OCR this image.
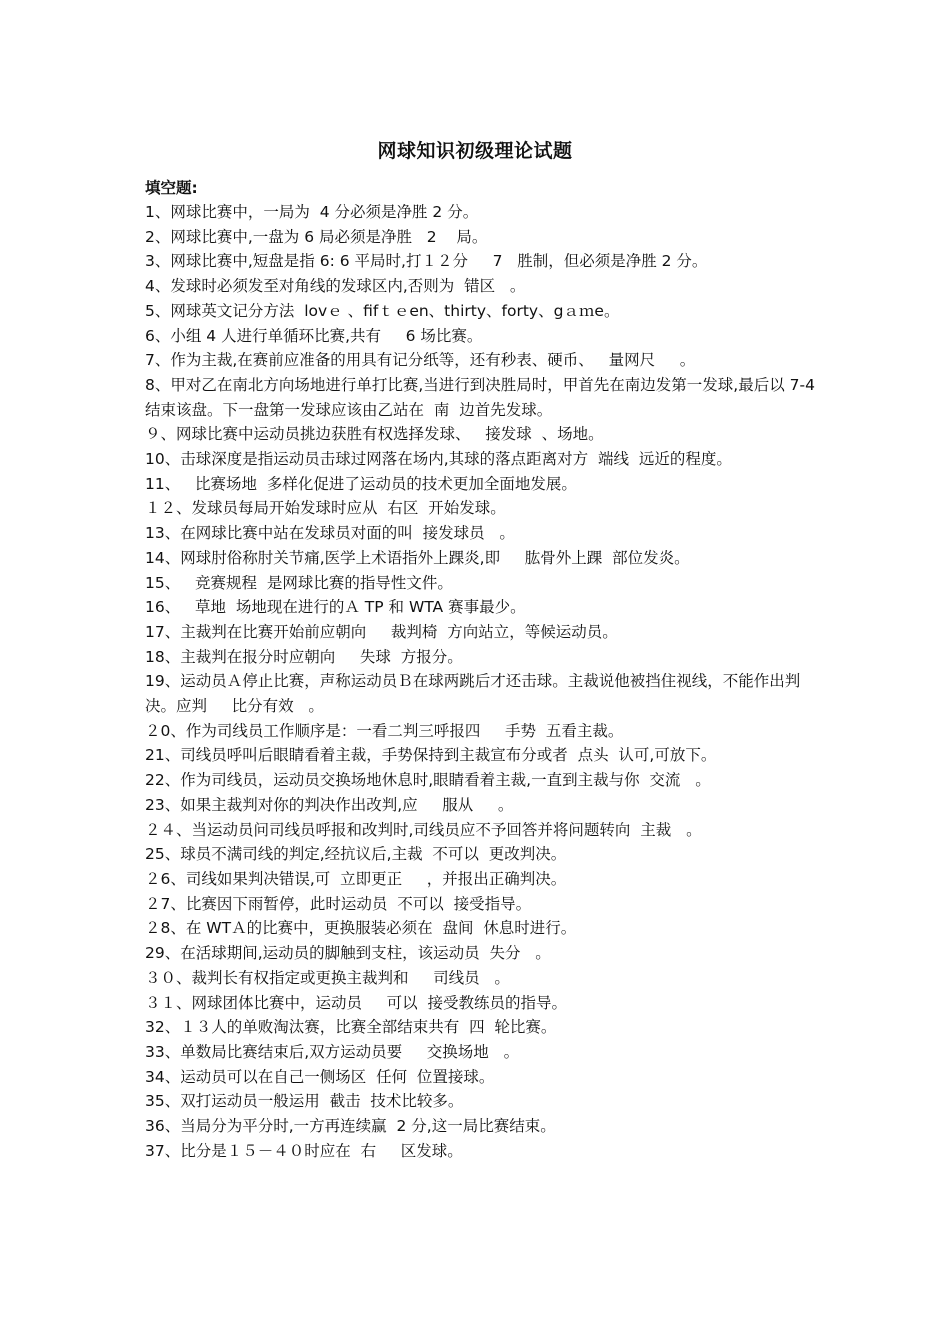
网球知识初级理论试题
填空题:
1、网球比赛中，一局为  4 分必须是净胜 2 分。
2、网球比赛中,一盘为 6 局必须是净胜   2    局。
3、网球比赛中,短盘是指 6: 6 平局时,打１２分     7   胜制，但必须是净胜 2 分。
4、发球时必须发至对角线的发球区内,否则为  错区   。
5、网球英文记分方法  lovｅ 、fifｔｅen、thirty、forty、gａｍe。
6、小组 4 人进行单循环比赛,共有     6 场比赛。
7、作为主裁,在赛前应准备的用具有记分纸等，还有秒表、硬币、   量网尺     。
8、甲对乙在南北方向场地进行单打比赛,当进行到决胜局时，甲首先在南边发第一发球,最后以 7-4 结束该盘。下一盘第一发球应该由乙站在  南  边首先发球。
９、网球比赛中运动员挑边获胜有权选择发球、   接发球  、场地。
10、击球深度是指运动员击球过网落在场内,其球的落点距离对方  端线  远近的程度。
11、   比赛场地  多样化促进了运动员的技术更加全面地发展。
１２、发球员每局开始发球时应从  右区  开始发球。
13、在网球比赛中站在发球员对面的叫  接发球员   。
14、网球肘俗称肘关节痛,医学上术语指外上踝炎,即     肱骨外上踝  部位发炎。
15、   竞赛规程  是网球比赛的指导性文件。
16、   草地  场地现在进行的Ａ TP 和 WTA 赛事最少。
17、主裁判在比赛开始前应朝向     裁判椅  方向站立，等候运动员。
18、主裁判在报分时应朝向     失球  方报分。
19、运动员Ａ停止比赛，声称运动员Ｂ在球两跳后才还击球。主裁说他被挡住视线，不能作出判决。应判     比分有效   。
２0、作为司线员工作顺序是：一看二判三呼报四     手势  五看主裁。
21、司线员呼叫后眼睛看着主裁，手势保持到主裁宣布分或者  点头  认可,可放下。
22、作为司线员，运动员交换场地休息时,眼睛看着主裁,一直到主裁与你  交流   。
23、如果主裁判对你的判决作出改判,应     服从     。
２４、当运动员问司线员呼报和改判时,司线员应不予回答并将问题转向  主裁   。
25、球员不满司线的判定,经抗议后,主裁  不可以  更改判决。
２6、司线如果判决错误,可  立即更正     ，并报出正确判决。
２7、比赛因下雨暂停，此时运动员  不可以  接受指导。
２8、在 WTＡ的比赛中，更换服装必须在  盘间  休息时进行。
29、在活球期间,运动员的脚触到支柱，该运动员  失分   。
３０、裁判长有权指定或更换主裁判和     司线员   。
３１、网球团体比赛中，运动员     可以  接受教练员的指导。
32、１３人的单败淘汰赛，比赛全部结束共有  四  轮比赛。
33、单数局比赛结束后,双方运动员要     交换场地   。
34、运动员可以在自己一侧场区  任何  位置接球。
35、双打运动员一般运用  截击  技术比较多。
36、当局分为平分时,一方再连续赢  2 分,这一局比赛结束。
37、比分是１５－４０时应在  右     区发球。
